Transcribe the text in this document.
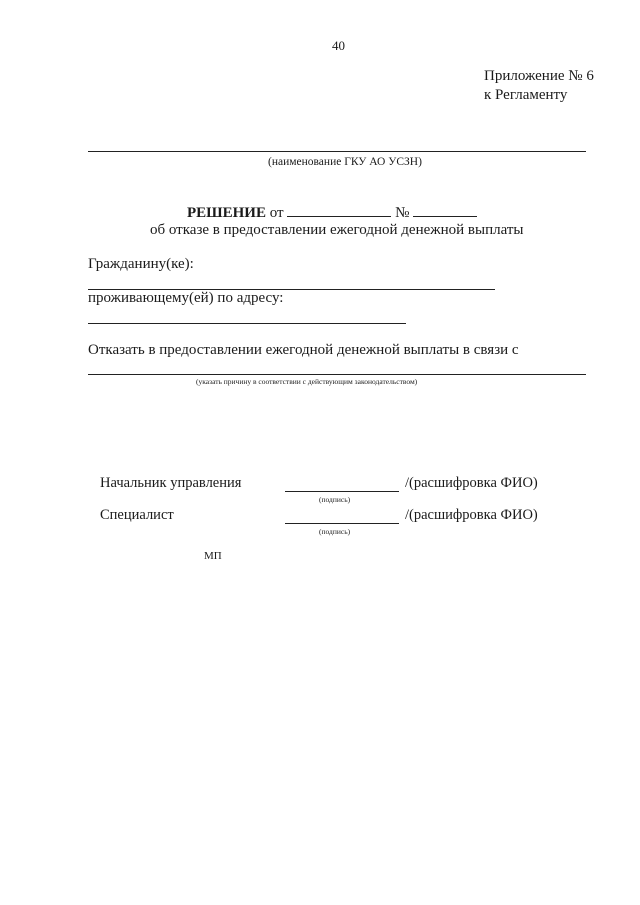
40
Приложение № 6
к Регламенту
(наименование ГКУ АО УСЗН)
РЕШЕНИЕ от	№
об отказе в предоставлении ежегодной денежной выплаты
Гражданину(ке):
проживающему(ей) по адресу:
Отказать в предоставлении ежегодной денежной выплаты в связи с
(указать причину в соответствии с действующим законодательством)
Начальник управления	/(расшифровка ФИО)
(подпись)
Специалист	/(расшифровка ФИО)
(подпись)
МП
